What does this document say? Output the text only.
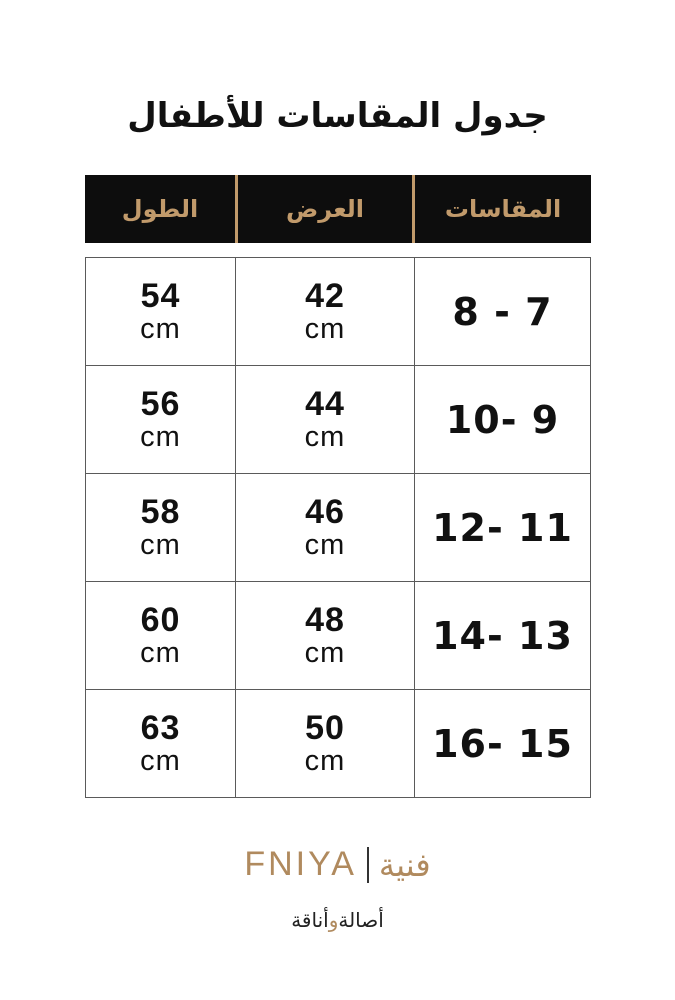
جدول المقاسات للأطفال
المقاسات
العرض
الطول
7 - 8
42
cm
54
cm
9 -10
44
cm
56
cm
11 -12
46
cm
58
cm
13 -14
48
cm
60
cm
15 -16
50
cm
63
cm
FNIYA فنية
أصالةوأناقة
